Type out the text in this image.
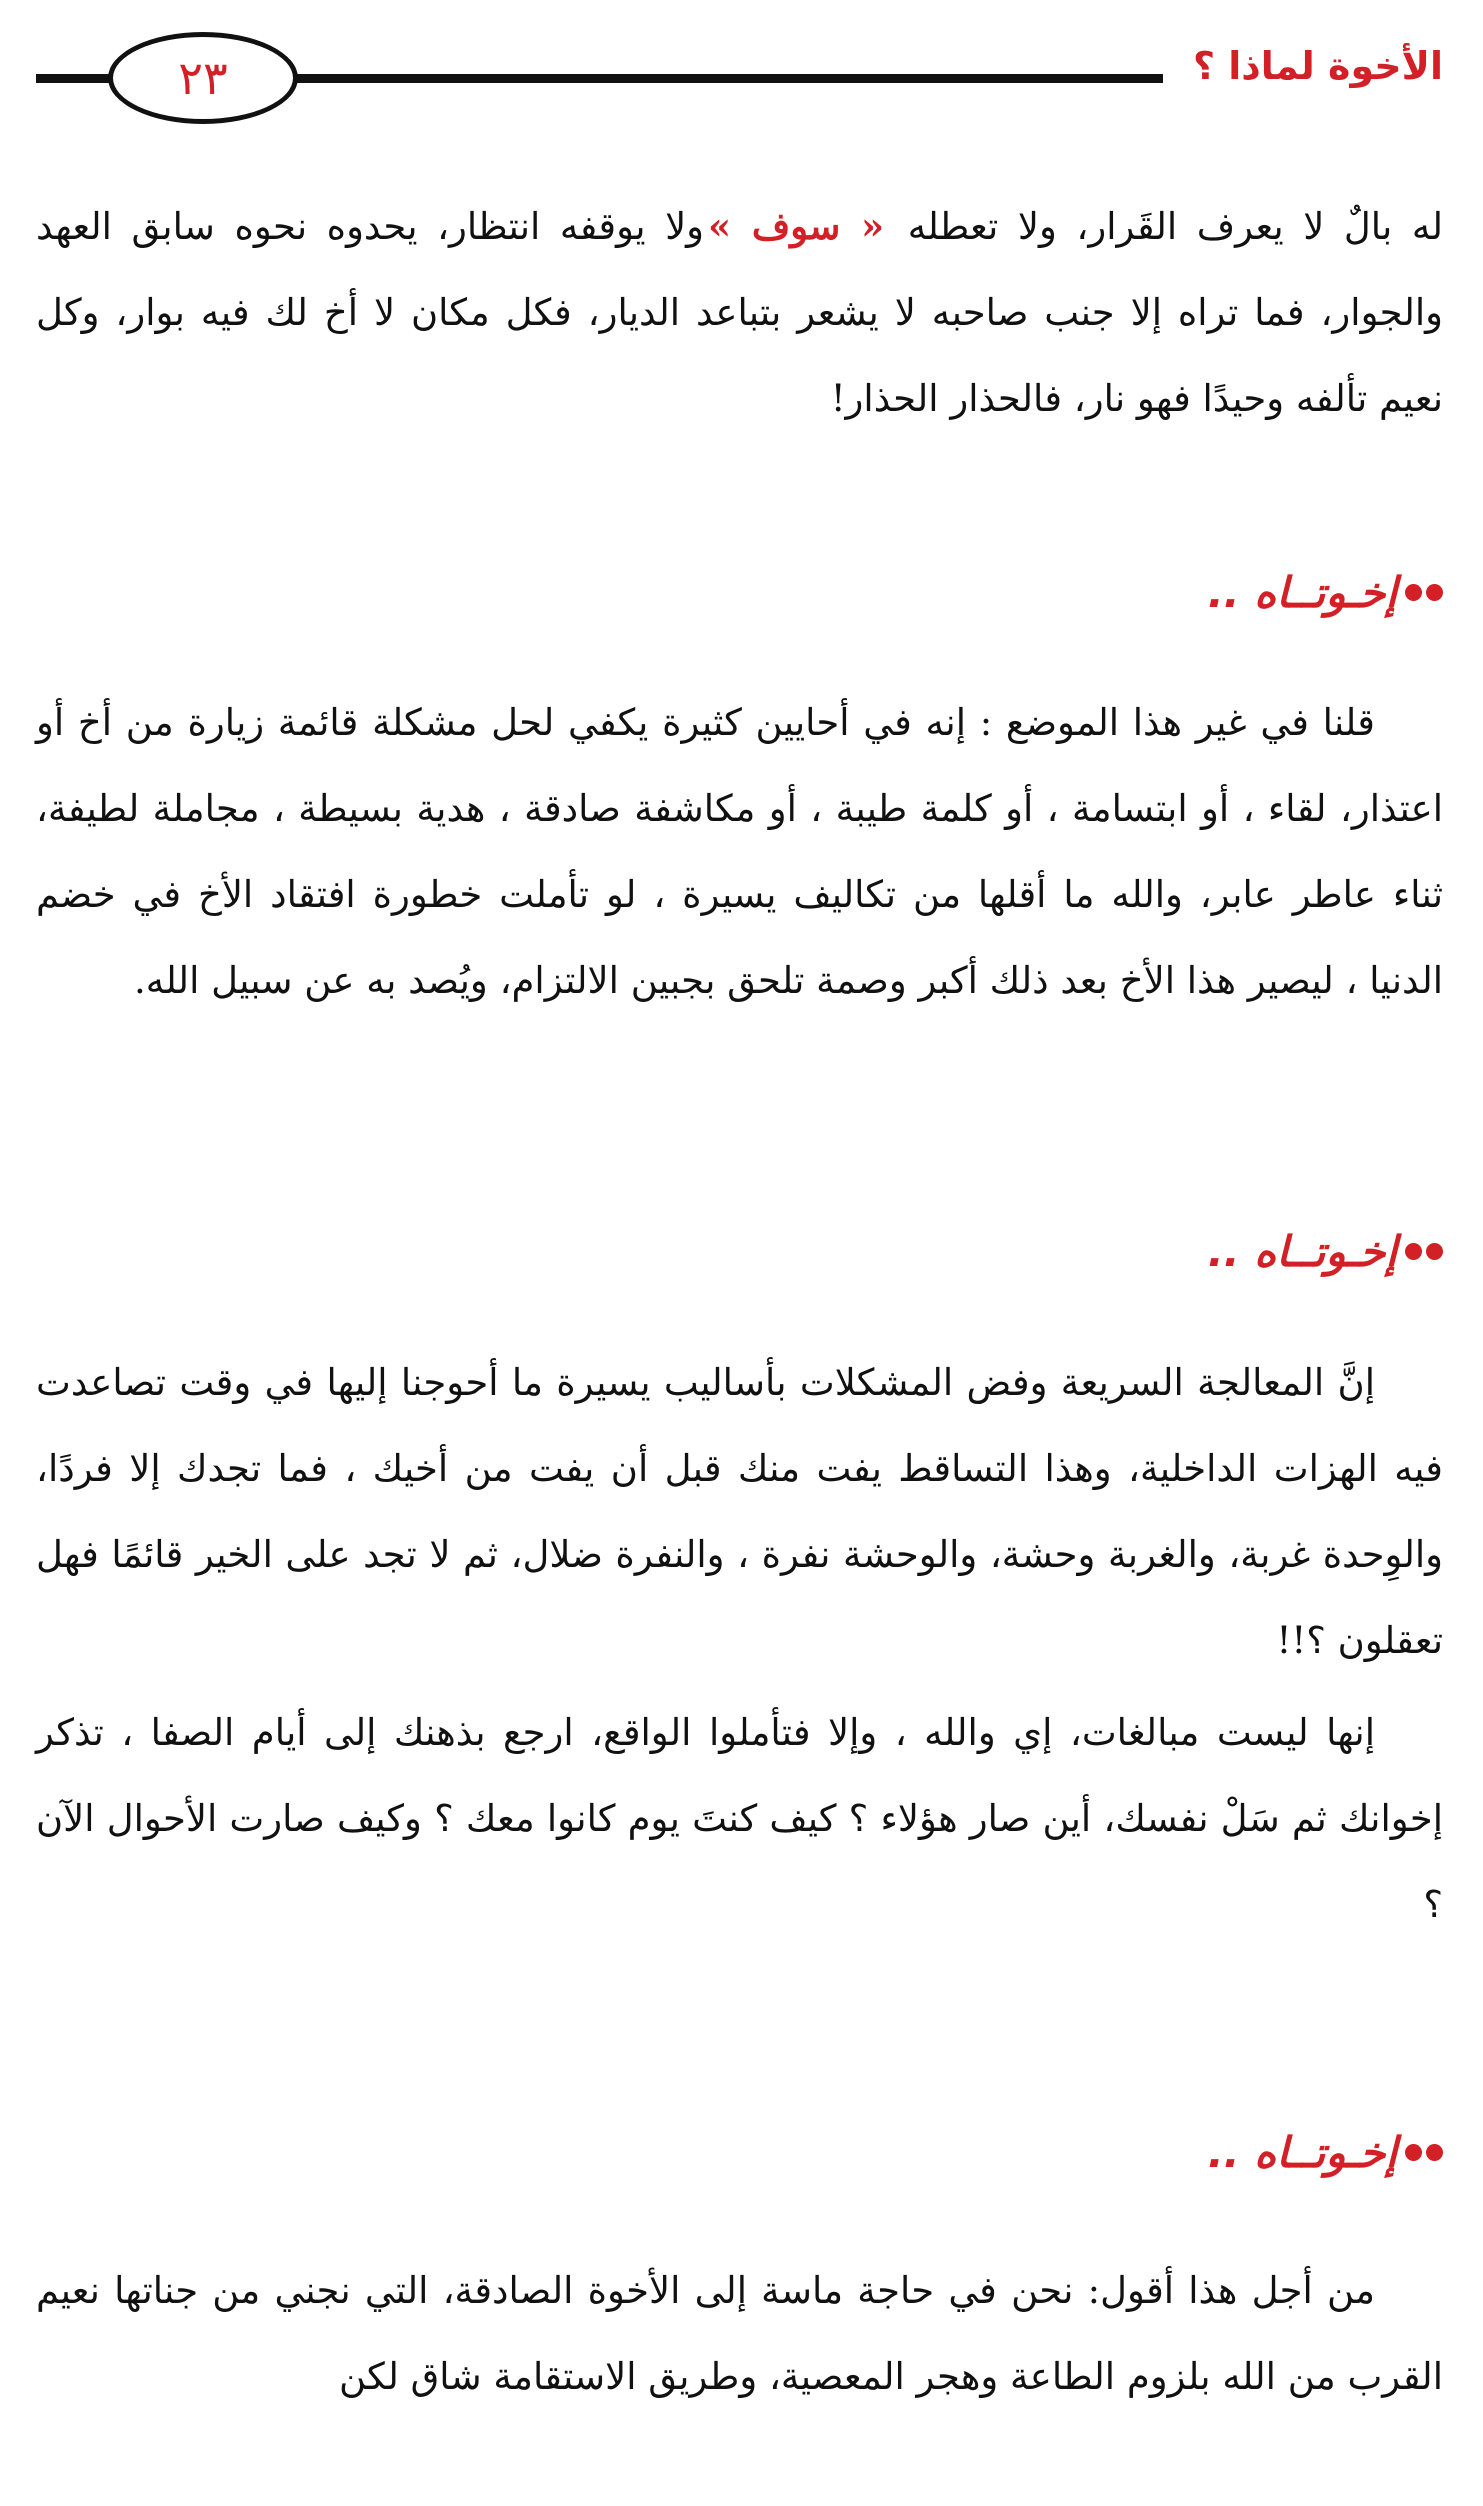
٢٣	الأخوة لماذا ؟

له بالٌ لا يعرف القَرار، ولا تعطله « سوف »ولا يوقفه انتظار، يحدوه نحوه سابق العهد والجوار، فما تراه إلا جنب صاحبه لا يشعر بتباعد الديار، فكل مكان لا أخ لك فيه بوار، وكل نعيم تألفه وحيدًا فهو نار، فالحذار الحذار!

إخـوتــاه ..

قلنا في غير هذا الموضع : إنه في أحايين كثيرة يكفي لحل مشكلة قائمة زيارة من أخ أو اعتذار، لقاء ، أو ابتسامة ، أو كلمة طيبة ، أو مكاشفة صادقة ، هدية بسيطة ، مجاملة لطيفة، ثناء عاطر عابر، والله ما أقلها من تكاليف يسيرة ، لو تأملت خطورة افتقاد الأخ في خضم الدنيا ، ليصير هذا الأخ بعد ذلك أكبر وصمة تلحق بجبين الالتزام، ويُصد به عن سبيل الله.

إخـوتــاه ..

إنَّ المعالجة السريعة وفض المشكلات بأساليب يسيرة ما أحوجنا إليها في وقت تصاعدت فيه الهزات الداخلية، وهذا التساقط يفت منك قبل أن يفت من أخيك ، فما تجدك إلا فردًا، والوِحدة غربة، والغربة وحشة، والوحشة نفرة ، والنفرة ضلال، ثم لا تجد على الخير قائمًا فهل تعقلون ؟!!

إنها ليست مبالغات، إي والله ، وإلا فتأملوا الواقع، ارجع بذهنك إلى أيام الصفا ، تذكر إخوانك ثم سَلْ نفسك، أين صار هؤلاء ؟ كيف كنتَ يوم كانوا معك ؟ وكيف صارت الأحوال الآن ؟

إخـوتــاه ..

من أجل هذا أقول: نحن في حاجة ماسة إلى الأخوة الصادقة، التي نجني من جناتها نعيم القرب من الله بلزوم الطاعة وهجر المعصية، وطريق الاستقامة شاق لكن
